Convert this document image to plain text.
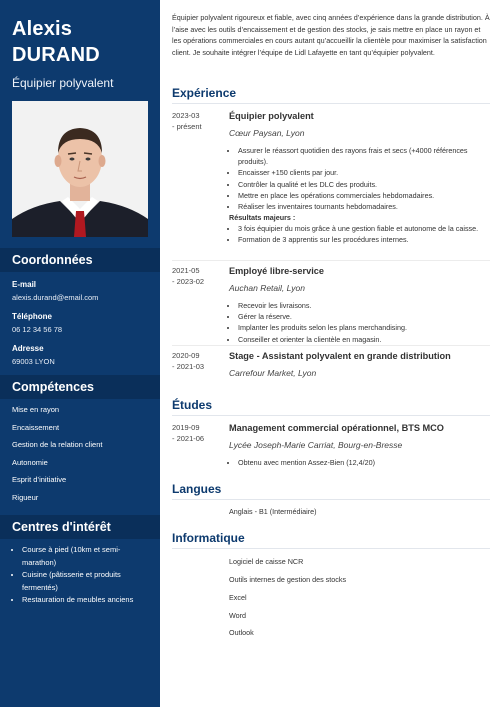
Alexis
DURAND
Équipier polyvalent
Coordonnées
E-mail
alexis.durand@email.com
Téléphone
06 12 34 56 78
Adresse
69003 LYON
Compétences
Mise en rayon
Encaissement
Gestion de la relation client
Autonomie
Esprit d’initiative
Rigueur
Centres d'intérêt
• Course à pied (10km et semi-marathon)
• Cuisine (pâtisserie et produits fermentés)
• Restauration de meubles anciens
Équipier polyvalent rigoureux et fiable, avec cinq années d’expérience dans la grande distribution. À l’aise avec les outils d’encaissement et de gestion des stocks, je sais mettre en place un rayon et les opérations commerciales en cours autant qu’accueillir la clientèle pour maximiser la satisfaction client. Je souhaite intégrer l’équipe de Lidl Lafayette en tant qu’équipier polyvalent.
Expérience
2023-03
- présent
Équipier polyvalent
Cœur Paysan, Lyon
• Assurer le réassort quotidien des rayons frais et secs (+4000 références produits).
• Encaisser +150 clients par jour.
• Contrôler la qualité et les DLC des produits.
• Mettre en place les opérations commerciales hebdomadaires.
• Réaliser les inventaires tournants hebdomadaires.
Résultats majeurs :
• 3 fois équipier du mois grâce à une gestion fiable et autonome de la caisse.
• Formation de 3 apprentis sur les procédures internes.
2021-05
- 2023-02
Employé libre-service
Auchan Retail, Lyon
• Recevoir les livraisons.
• Gérer la réserve.
• Implanter les produits selon les plans merchandising.
• Conseiller et orienter la clientèle en magasin.
2020-09
- 2021-03
Stage - Assistant polyvalent en grande distribution
Carrefour Market, Lyon
Études
2019-09
- 2021-06
Management commercial opérationnel, BTS MCO
Lycée Joseph-Marie Carriat, Bourg-en-Bresse
• Obtenu avec mention Assez-Bien (12,4/20)
Langues
Anglais - B1 (Intermédiaire)
Informatique
Logiciel de caisse NCR
Outils internes de gestion des stocks
Excel
Word
Outlook
